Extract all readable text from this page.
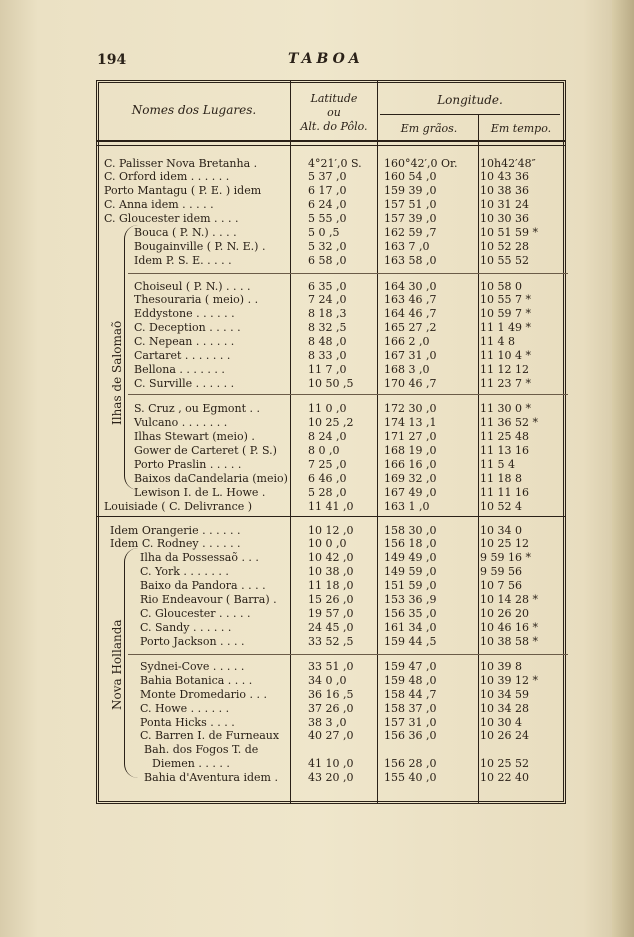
194	TABOA
Nomes dos Lugares.
Latitude
ou
Alt. do Pôlo.
Longitude.
Em grãos.	Em tempo.
Ilhas de Salomaõ
Nova Hollanda
C. Palisser Nova Bretanha .	4°21′,0 S.	160°42′,0 Or.	10h42′48″
C. Orford idem . . . . . .	5 37 ,0	160 54 ,0	10 43 36
Porto Mantagu ( P. E. ) idem	6 17 ,0	159 39 ,0	10 38 36
C. Anna idem . . . . .	6 24 ,0	157 51 ,0	10 31 24
C. Gloucester idem . . . .	5 55 ,0	157 39 ,0	10 30 36
Bouca ( P. N.) . . . .	5 0 ,5	162 59 ,7	10 51 59 *
Bougainville ( P. N. E.) .	5 32 ,0	163 7 ,0	10 52 28
Idem P. S. E. . . . .	6 58 ,0	163 58 ,0	10 55 52
Choiseul ( P. N.) . . . .	6 35 ,0	164 30 ,0	10 58 0
Thesouraria ( meio) . .	7 24 ,0	163 46 ,7	10 55 7 *
Eddystone . . . . . .	8 18 ,3	164 46 ,7	10 59 7 *
C. Deception . . . . .	8 32 ,5	165 27 ,2	11 1 49 *
C. Nepean . . . . . .	8 48 ,0	166 2 ,0	11 4 8
Cartaret . . . . . . .	8 33 ,0	167 31 ,0	11 10 4 *
Bellona . . . . . . .	11 7 ,0	168 3 ,0	11 12 12
C. Surville . . . . . .	10 50 ,5	170 46 ,7	11 23 7 *
S. Cruz , ou Egmont . .	11 0 ,0	172 30 ,0	11 30 0 *
Vulcano . . . . . . .	10 25 ,2	174 13 ,1	11 36 52 *
Ilhas Stewart (meio) .	8 24 ,0	171 27 ,0	11 25 48
Gower de Carteret ( P. S.)	8 0 ,0	168 19 ,0	11 13 16
Porto Praslin . . . . .	7 25 ,0	166 16 ,0	11 5 4
Baixos daCandelaria (meio) 6 46 ,0	169 32 ,0	11 18 8
Lewison I. de L. Howe .	5 28 ,0	167 49 ,0	11 11 16
Louisiade ( C. Delivrance )	11 41 ,0	163 1 ,0	10 52 4
Idem Orangerie . . . . . .	10 12 ,0	158 30 ,0	10 34 0
Idem C. Rodney . . . . . .	10 0 ,0	156 18 ,0	10 25 12
Ilha da Possessaõ . . .	10 42 ,0	149 49 ,0	9 59 16 *
C. York . . . . . . .	10 38 ,0	149 59 ,0	9 59 56
Baixo da Pandora . . . .	11 18 ,0	151 59 ,0	10 7 56
Rio Endeavour ( Barra) .	15 26 ,0	153 36 ,9	10 14 28 *
C. Gloucester . . . . .	19 57 ,0	156 35 ,0	10 26 20
C. Sandy . . . . . .	24 45 ,0	161 34 ,0	10 46 16 *
Porto Jackson . . . .	33 52 ,5	159 44 ,5	10 38 58 *
Sydnei-Cove . . . . .	33 51 ,0	159 47 ,0	10 39 8
Bahia Botanica . . . .	34 0 ,0	159 48 ,0	10 39 12 *
Monte Dromedario . . .	36 16 ,5	158 44 ,7	10 34 59
C. Howe . . . . . .	37 26 ,0	158 37 ,0	10 34 28
Ponta Hicks . . . .	38 3 ,0	157 31 ,0	10 30 4
C. Barren I. de Furneaux	40 27 ,0	156 36 ,0	10 26 24
Bah. dos Fogos T. de
Diemen . . . . .	41 10 ,0	156 28 ,0	10 25 52
Bahia d'Aventura idem .	43 20 ,0	155 40 ,0	10 22 40
